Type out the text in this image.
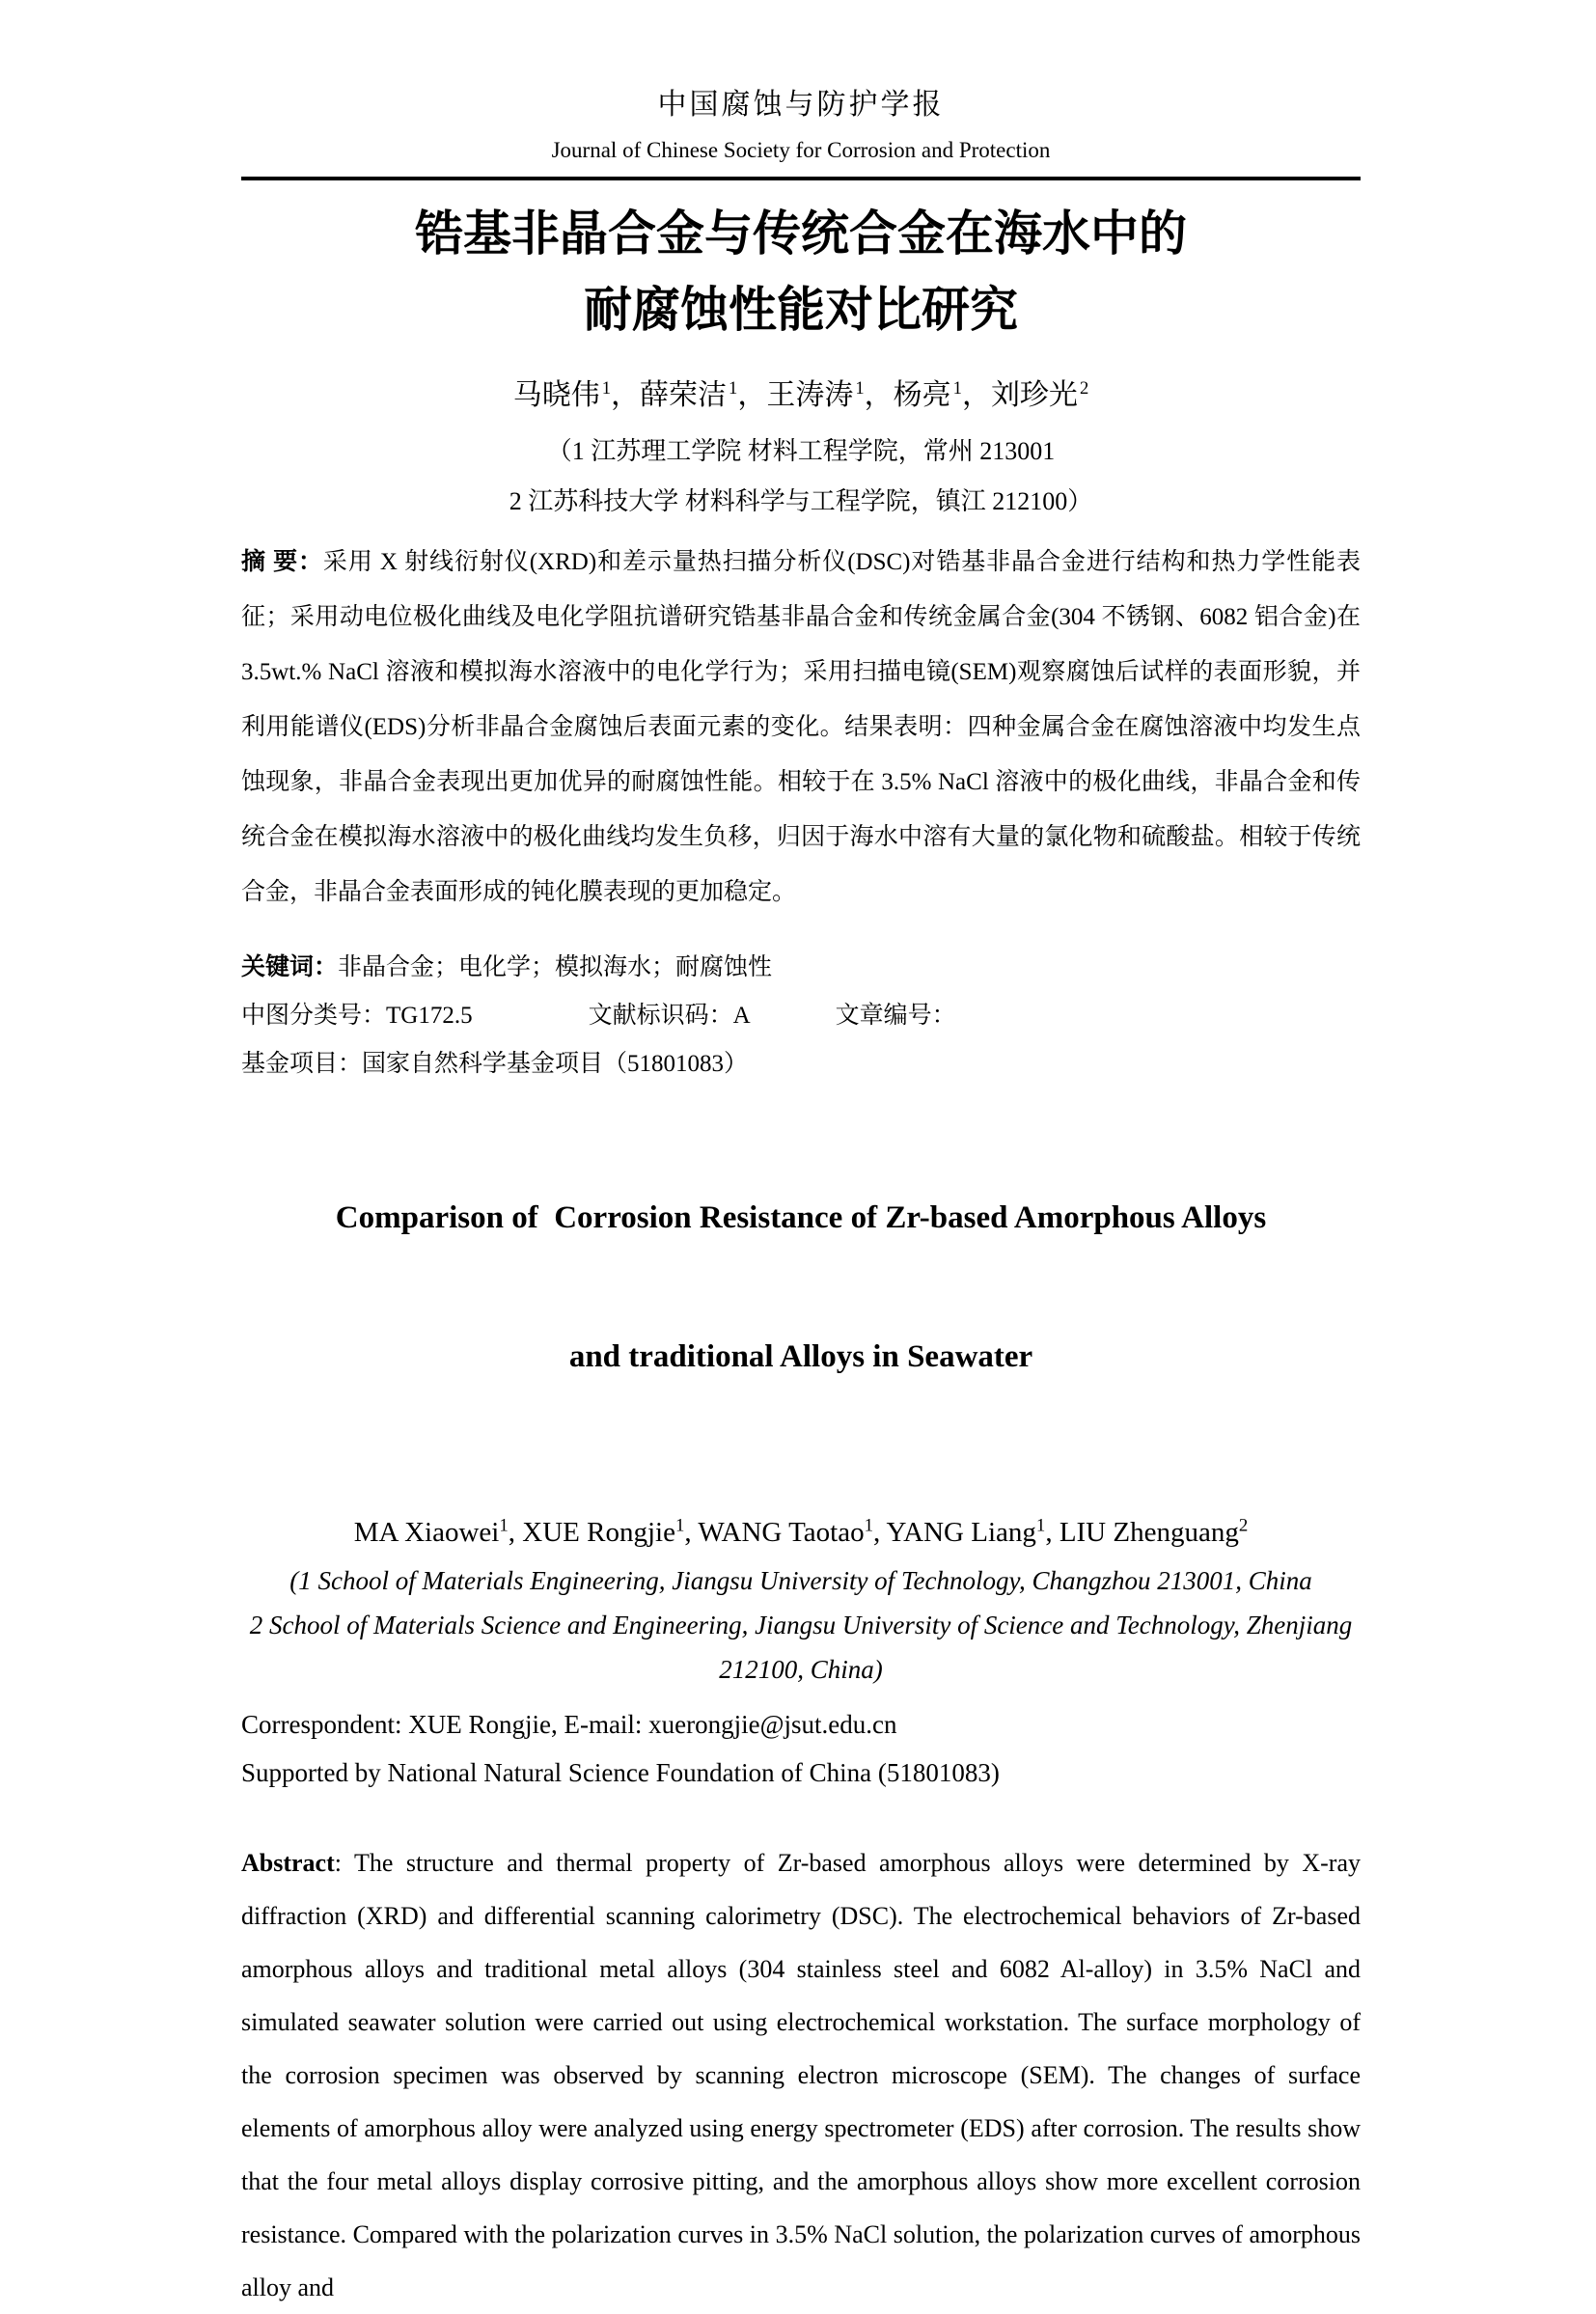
中国腐蚀与防护学报
Journal of Chinese Society for Corrosion and Protection
锆基非晶合金与传统合金在海水中的
耐腐蚀性能对比研究
马晓伟 $^1$，薛荣洁 $^1$，王涛涛 $^1$，杨亮 $^1$，刘珍光 $^2$
（1 江苏理工学院 材料工程学院，常州 213001
2 江苏科技大学 材料科学与工程学院，镇江 212100）

摘 要：采用 X 射线衍射仪(XRD)和差示量热扫描分析仪(DSC)对锆基非晶合金进行结构和热力学性能表征；采用动电位极化曲线及电化学阻抗谱研究锆基非晶合金和传统金属合金(304 不锈钢、6082 铝合金)在 3.5wt.% NaCl 溶液和模拟海水溶液中的电化学行为；采用扫描电镜(SEM)观察腐蚀后试样的表面形貌，并利用能谱仪(EDS)分析非晶合金腐蚀后表面元素的变化。结果表明：四种金属合金在腐蚀溶液中均发生点蚀现象，非晶合金表现出更加优异的耐腐蚀性能。相较于在 3.5% NaCl 溶液中的极化曲线，非晶合金和传统合金在模拟海水溶液中的极化曲线均发生负移，归因于海水中溶有大量的氯化物和硫酸盐。相较于传统合金，非晶合金表面形成的钝化膜表现的更加稳定。

关键词：非晶合金；电化学；模拟海水；耐腐蚀性
中图分类号：TG172.5	文献标识码：A	文章编号：
基金项目：国家自然科学基金项目（51801083）

Comparison of  Corrosion Resistance of Zr-based Amorphous Alloys

and traditional Alloys in Seawater

MA Xiaowei$^1$, XUE Rongjie$^1$, WANG Taotao$^1$, YANG Liang$^1$, LIU Zhenguang$^2$
(1 School of Materials Engineering, Jiangsu University of Technology, Changzhou 213001, China
2 School of Materials Science and Engineering, Jiangsu University of Science and Technology, Zhenjiang 212100, China)
Correspondent: XUE Rongjie, E-mail: xuerongjie@jsut.edu.cn
Supported by National Natural Science Foundation of China (51801083)

Abstract: The structure and thermal property of Zr-based amorphous alloys were determined by X-ray diffraction (XRD) and differential scanning calorimetry (DSC). The electrochemical behaviors of Zr-based amorphous alloys and traditional metal alloys (304 stainless steel and 6082 Al-alloy) in 3.5% NaCl and simulated seawater solution were carried out using electrochemical workstation. The surface morphology of the corrosion specimen was observed by scanning electron microscope (SEM). The changes of surface elements of amorphous alloy were analyzed using energy spectrometer (EDS) after corrosion. The results show that the four metal alloys display corrosive pitting, and the amorphous alloys show more excellent corrosion resistance. Compared with the polarization curves in 3.5% NaCl solution, the polarization curves of amorphous alloy and
